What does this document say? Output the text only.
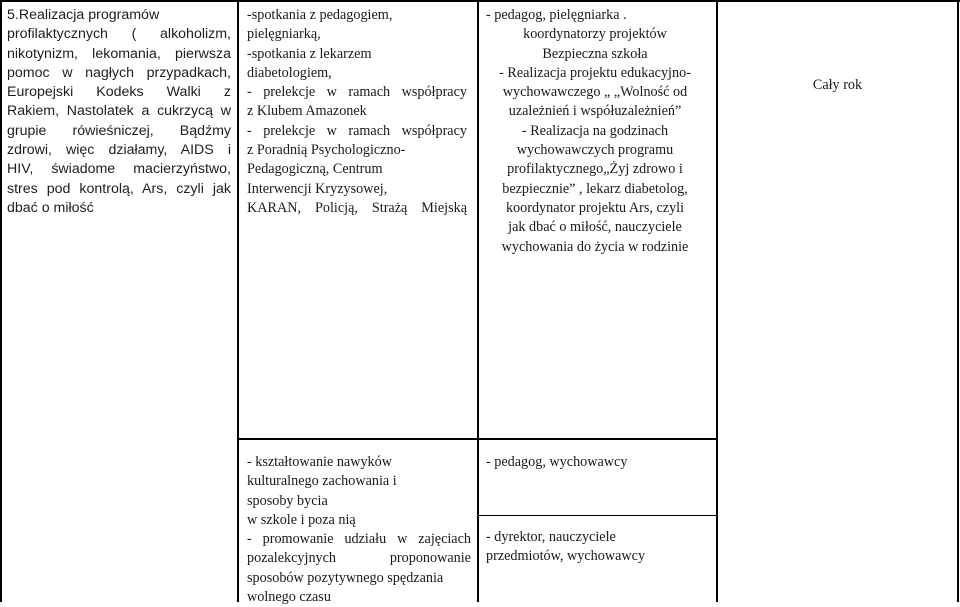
5.Realizacja programów
profilaktycznych ( alkoholizm,
nikotynizm, lekomania, pierwsza
pomoc w nagłych przypadkach,
Europejski Kodeks Walki z
Rakiem, Nastolatek a cukrzycą w
grupie rówieśniczej, Bądźmy
zdrowi, więc działamy, AIDS i
HIV, świadome macierzyństwo,
stres pod kontrolą, Ars, czyli jak
dbać o miłość
-spotkania z pedagogiem,
pielęgniarką,
-spotkania z lekarzem
diabetologiem,
- prelekcje w ramach współpracy
z Klubem Amazonek
- prelekcje w ramach współpracy
z Poradnią Psychologiczno-
Pedagogiczną, Centrum
Interwencji Kryzysowej,
KARAN, Policją, Strażą Miejską
- pedagog, pielęgniarka .
koordynatorzy projektów
Bezpieczna szkoła
- Realizacja projektu edukacyjno-
wychowawczego „ „Wolność od
uzależnień i współuzależnień”
- Realizacja na godzinach
wychowawczych programu
profilaktycznego„Żyj zdrowo i
bezpiecznie” , lekarz diabetolog,
koordynator projektu Ars, czyli
jak dbać o miłość, nauczyciele
wychowania do życia w rodzinie
Cały rok
- kształtowanie nawyków
kulturalnego zachowania i
sposoby bycia
w szkole i poza nią
- promowanie udziału w zajęciach
pozalekcyjnych proponowanie
sposobów pozytywnego spędzania
wolnego czasu
- pedagog, wychowawcy
- dyrektor, nauczyciele
przedmiotów, wychowawcy
